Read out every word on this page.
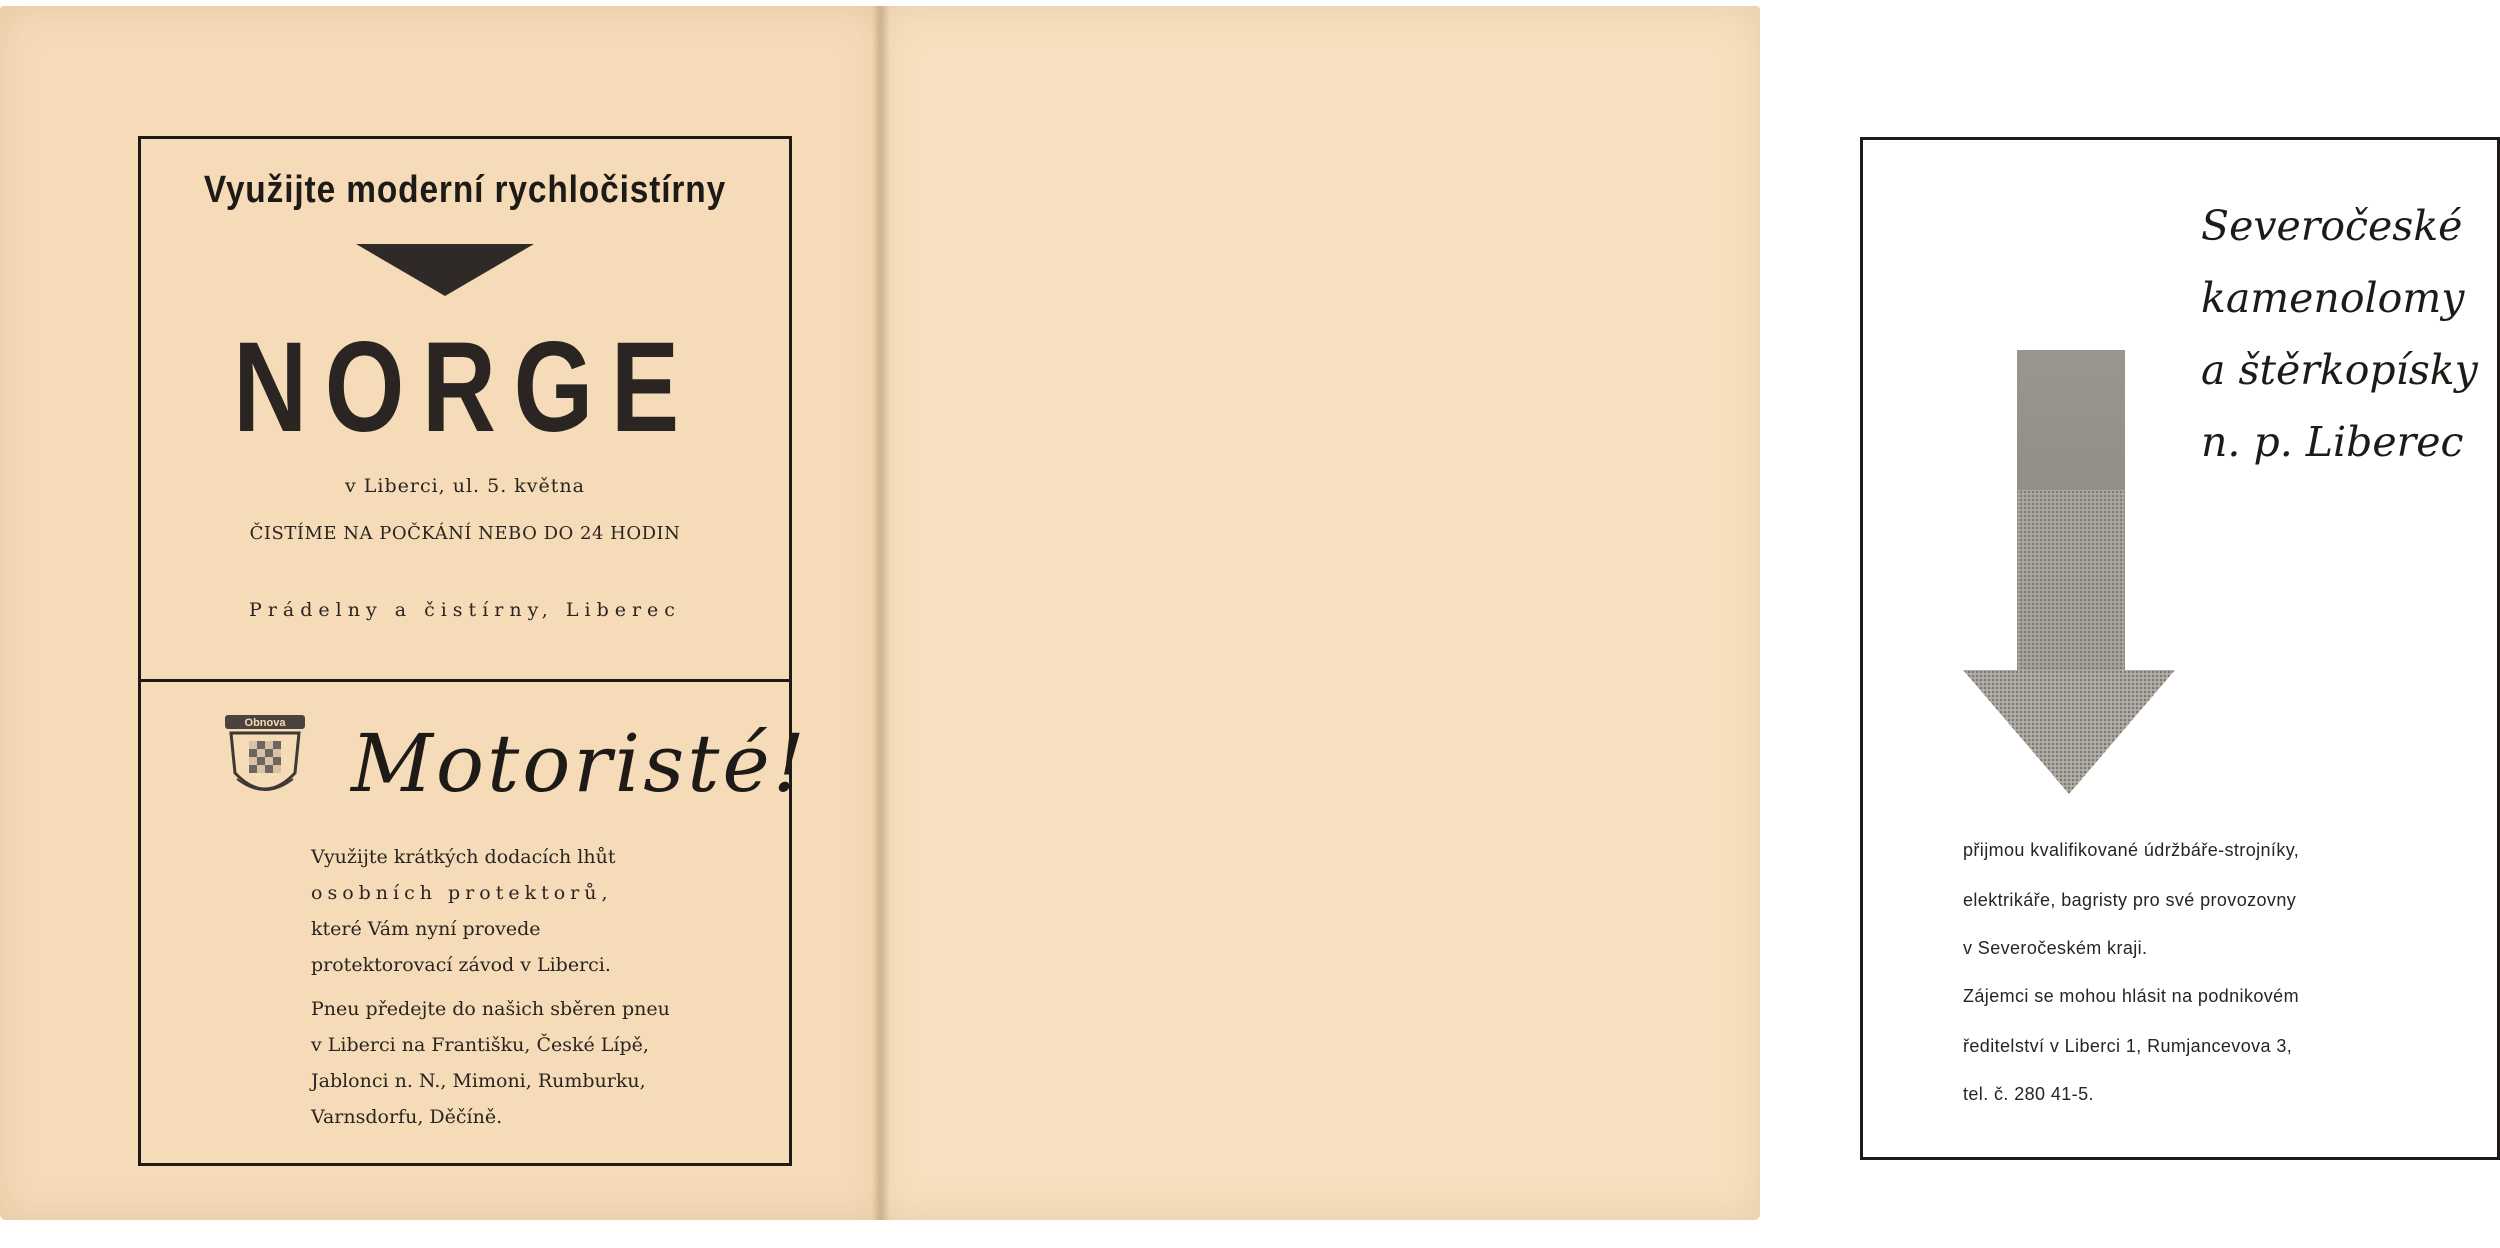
Využijte moderní rychločistírny
NORGE
v Liberci, ul. 5. května
ČISTÍME NA POČKÁNÍ NEBO DO 24 HODIN
Prádelny a čistírny, Liberec
Obnova Motoristé!
Využijte krátkých dodacích lhůt
osobních protektorů,
které Vám nyní provede
protektorovací závod v Liberci.
Pneu předejte do našich sběren pneu
v Liberci na Františku, České Lípě,
Jablonci n. N., Mimoni, Rumburku,
Varnsdorfu, Děčíně.
Severočeské
kamenolomy
a štěrkopísky
n. p. Liberec
přijmou kvalifikované údržbáře-strojníky,
elektrikáře, bagristy pro své provozovny
v Severočeském kraji.
Zájemci se mohou hlásit na podnikovém
ředitelství v Liberci 1, Rumjancevova 3,
tel. č. 280 41-5.
